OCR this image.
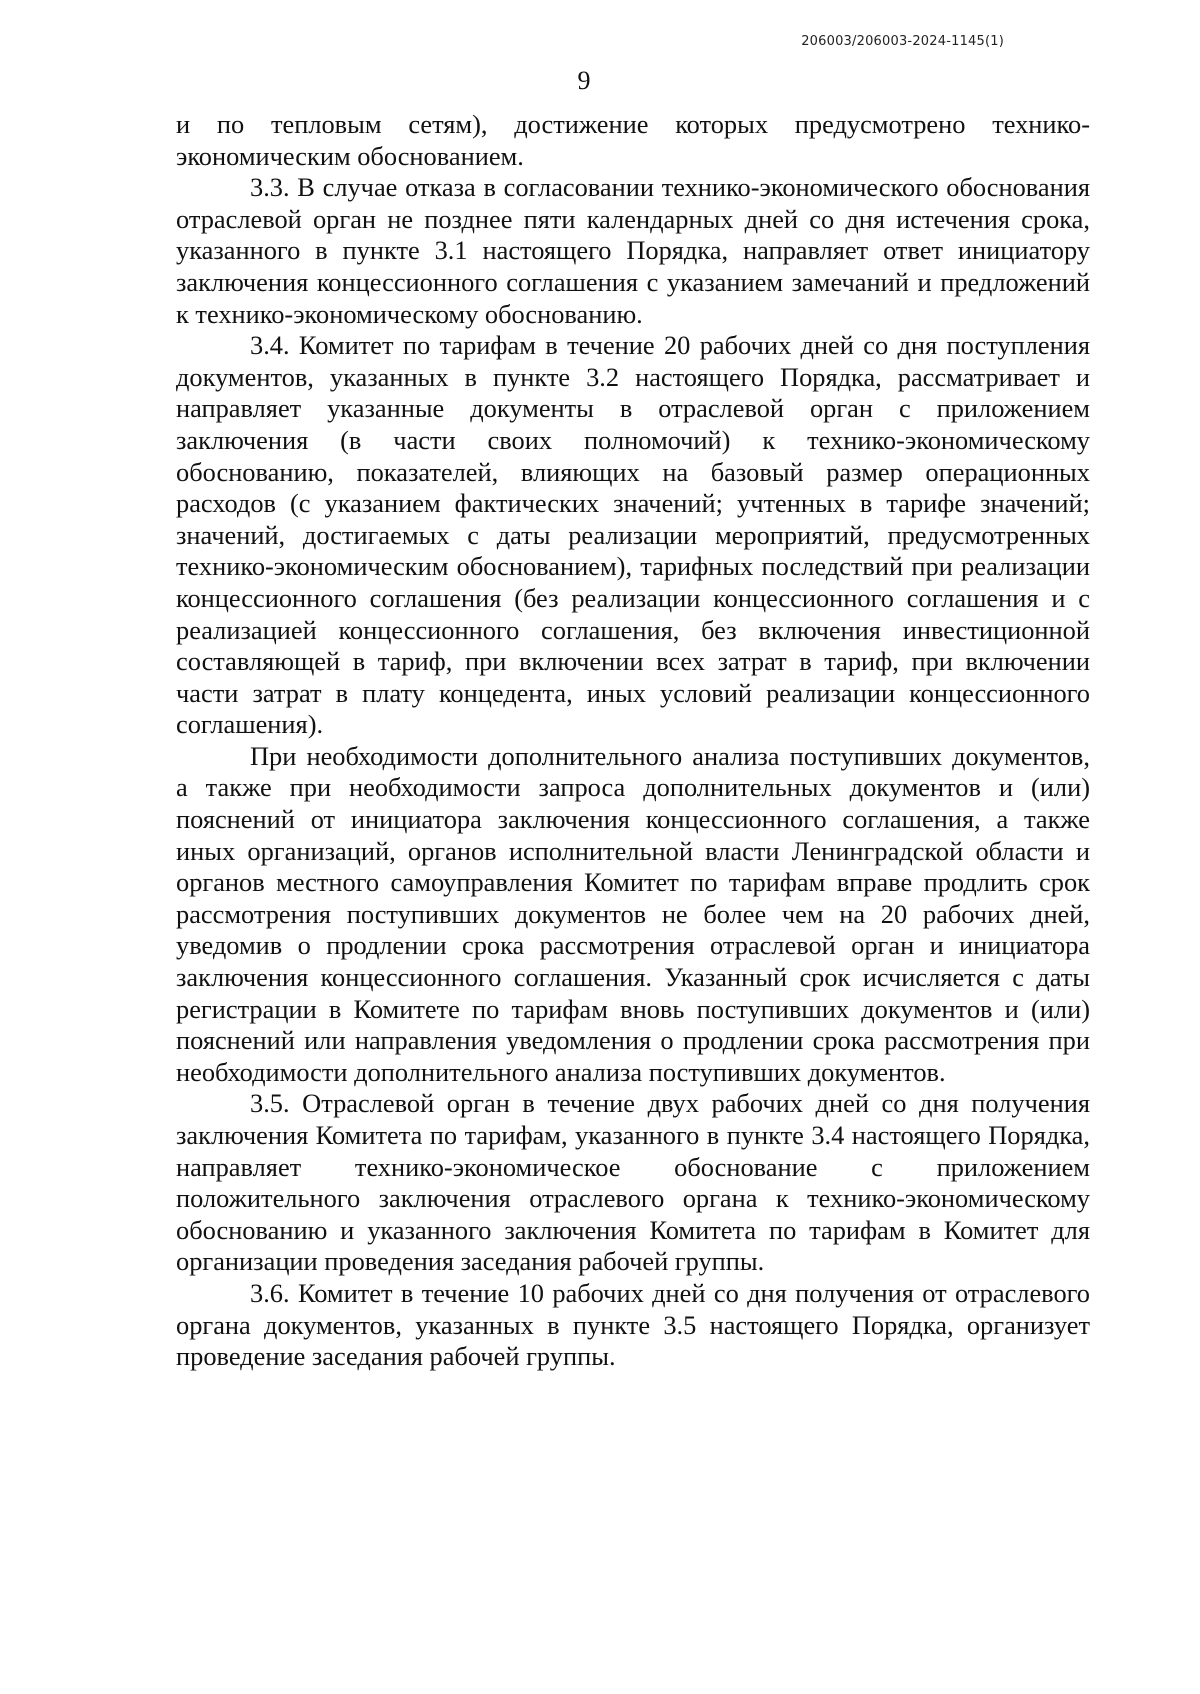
206003/206003-2024-1145(1)
9

и по тепловым сетям), достижение которых предусмотрено технико-экономическим обоснованием.

3.3. В случае отказа в согласовании технико-экономического обоснования отраслевой орган не позднее пяти календарных дней со дня истечения срока, указанного в пункте 3.1 настоящего Порядка, направляет ответ инициатору заключения концессионного соглашения с указанием замечаний и предложений к технико-экономическому обоснованию.

3.4. Комитет по тарифам в течение 20 рабочих дней со дня поступления документов, указанных в пункте 3.2 настоящего Порядка, рассматривает и направляет указанные документы в отраслевой орган с приложением заключения (в части своих полномочий) к технико-экономическому обоснованию, показателей, влияющих на базовый размер операционных расходов (с указанием фактических значений; учтенных в тарифе значений; значений, достигаемых с даты реализации мероприятий, предусмотренных технико-экономическим обоснованием), тарифных последствий при реализации концессионного соглашения (без реализации концессионного соглашения и с реализацией концессионного соглашения, без включения инвестиционной составляющей в тариф, при включении всех затрат в тариф, при включении части затрат в плату концедента, иных условий реализации концессионного соглашения).

При необходимости дополнительного анализа поступивших документов, а также при необходимости запроса дополнительных документов и (или) пояснений от инициатора заключения концессионного соглашения, а также иных организаций, органов исполнительной власти Ленинградской области и органов местного самоуправления Комитет по тарифам вправе продлить срок рассмотрения поступивших документов не более чем на 20 рабочих дней, уведомив о продлении срока рассмотрения отраслевой орган и инициатора заключения концессионного соглашения. Указанный срок исчисляется с даты регистрации в Комитете по тарифам вновь поступивших документов и (или) пояснений или направления уведомления о продлении срока рассмотрения при необходимости дополнительного анализа поступивших документов.

3.5. Отраслевой орган в течение двух рабочих дней со дня получения заключения Комитета по тарифам, указанного в пункте 3.4 настоящего Порядка, направляет технико-экономическое обоснование с приложением положительного заключения отраслевого органа к технико-экономическому обоснованию и указанного заключения Комитета по тарифам в Комитет для организации проведения заседания рабочей группы.

3.6. Комитет в течение 10 рабочих дней со дня получения от отраслевого органа документов, указанных в пункте 3.5 настоящего Порядка, организует проведение заседания рабочей группы.
